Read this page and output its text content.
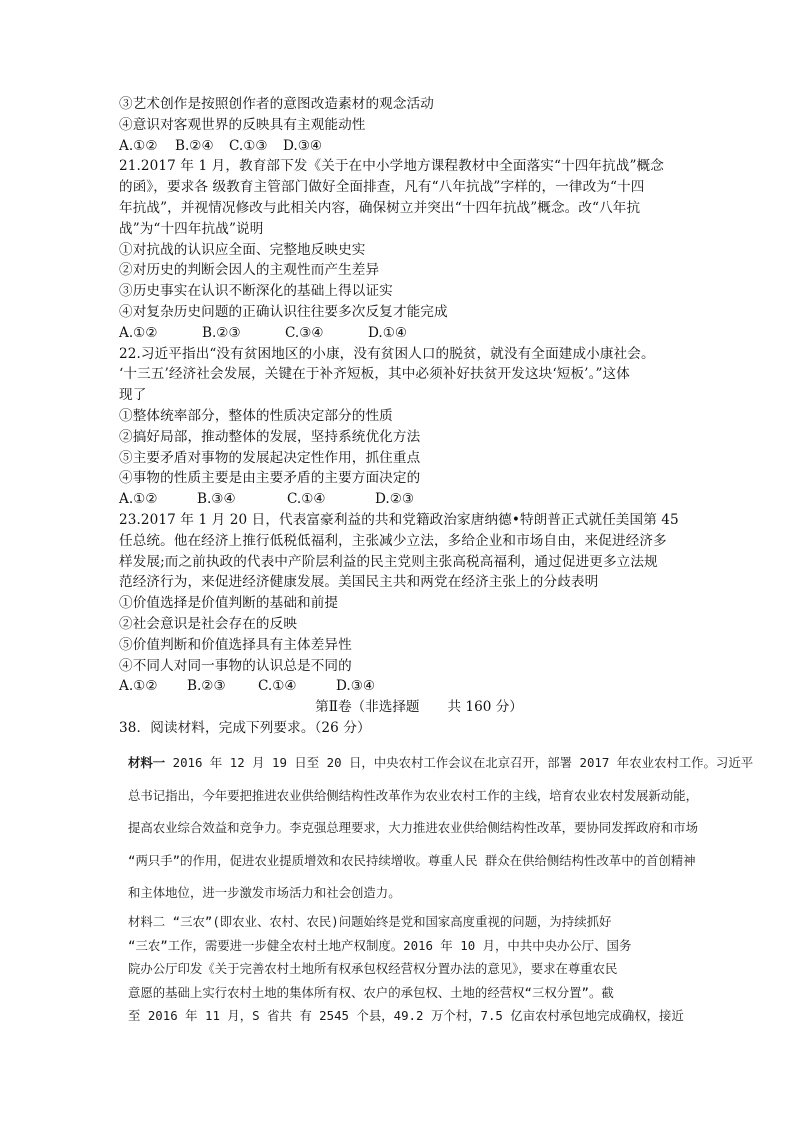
③艺术创作是按照创作者的意图改造素材的观念活动
④意识对客观世界的反映具有主观能动性
A.①②	B.②④	C.①③	D.③④
21.2017 年 1 月，教育部下发《关于在中小学地方课程教材中全面落实“十四年抗战”概念
的函》，要求各 级教育主管部门做好全面排查，凡有“八年抗战”字样的，一律改为“十四
年抗战”，并视情况修改与此相关内容，确保树立并突出“十四年抗战”概念。改“八年抗
战”为“十四年抗战”说明
①对抗战的认识应全面、完整地反映史实
②对历史的判断会因人的主观性而产生差异
③历史事实在认识不断深化的基础上得以证实
④对复杂历史问题的正确认识往往要多次反复才能完成
A.①②	B.②③	C.③④	D.①④
22.习近平指出“没有贫困地区的小康，没有贫困人口的脱贫，就没有全面建成小康社会。
‘十三五’经济社会发展，关键在于补齐短板，其中必须补好扶贫开发这块‘短板’。”这体
现了
①整体统率部分，整体的性质决定部分的性质
②搞好局部，推动整体的发展，坚持系统优化方法
⑤主要矛盾对事物的发展起决定性作用，抓住重点
④事物的性质主要是由主要矛盾的主要方面决定的
A.①②	B.③④	C.①④	D.②③
23.2017 年 1 月 20 日，代表富豪利益的共和党籍政治家唐纳德•特朗普正式就任美国第 45
任总统。他在经济上推行低税低福利，主张减少立法，多给企业和市场自由，来促进经济多
样发展;而之前执政的代表中产阶层利益的民主党则主张高税高福利，通过促进更多立法规
范经济行为，来促进经济健康发展。美国民主共和两党在经济主张上的分歧表明
①价值选择是价值判断的基础和前提
②社会意识是社会存在的反映
⑤价值判断和价值选择具有主体差异性
④不同人对同一事物的认识总是不同的
A.①②	B.②③	C.①④	D.③④
第Ⅱ卷（非选择题 共 160 分）
38．阅读材料，完成下列要求。（26 分）
材料一 2016 年 12 月 19 日至 20 日，中央农村工作会议在北京召开，部署 2017 年农业农村工作。习近平
总书记指出，今年要把推进农业供给侧结构性改革作为农业农村工作的主线，培育农业农村发展新动能，
提高农业综合效益和竞争力。李克强总理要求，大力推进农业供给侧结构性改革，要协同发挥政府和市场
“两只手”的作用，促进农业提质增效和农民持续增收。尊重人民 群众在供给侧结构性改革中的首创精神
和主体地位，进一步激发市场活力和社会创造力。
材料二 “三农”(即农业、农村、农民)问题始终是党和国家高度重视的问题，为持续抓好
“三农”工作，需要进一步健全农村土地产权制度。2016 年 10 月，中共中央办公厅、国务
院办公厅印发《关于完善农村土地所有权承包权经营权分置办法的意见》，要求在尊重农民
意愿的基础上实行农村土地的集体所有权、农户的承包权、土地的经营权“三权分置”。截
至 2016 年 11 月，S 省共 有 2545 个县，49.2 万个村，7.5 亿亩农村承包地完成确权，接近
